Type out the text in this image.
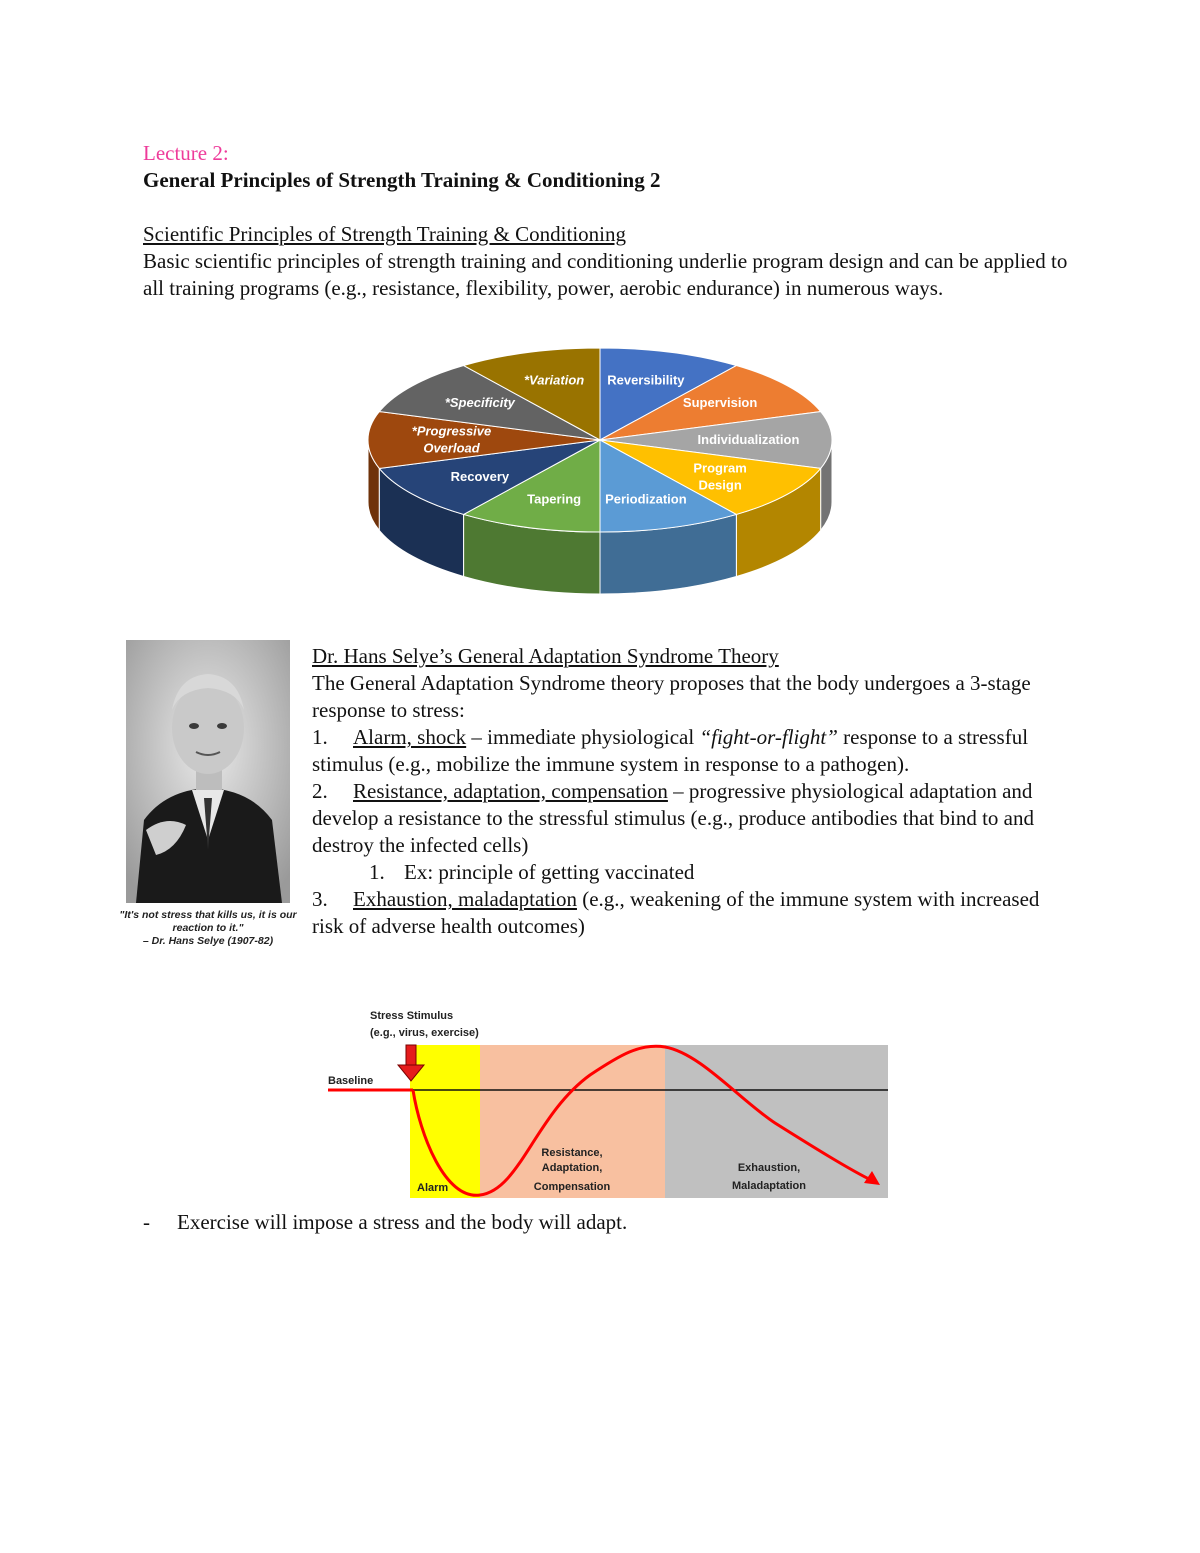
Lecture 2:
General Principles of Strength Training & Conditioning 2
Scientific Principles of Strength Training & Conditioning

Basic scientific principles of strength training and conditioning underlie program design and can be applied to all training programs (e.g., resistance, flexibility, power, aerobic endurance) in numerous ways.

Reversibility
Supervision
Individualization
Program Design
Periodization
Tapering
Recovery
*Progressive Overload
*Specificity
*Variation
"It's not stress that kills us, it is our
reaction to it."
– Dr. Hans Selye (1907-82)

Dr. Hans Selye’s General Adaptation Syndrome Theory

The General Adaptation Syndrome theory proposes that the body undergoes a 3-stage response to stress:

1. Alarm, shock – immediate physiological “fight-or-flight” response to a stressful stimulus (e.g., mobilize the immune system in response to a pathogen).

2. Resistance, adaptation, compensation – progressive physiological adaptation and develop a resistance to the stressful stimulus (e.g., produce antibodies that bind to and destroy the infected cells)

1. Ex: principle of getting vaccinated

3. Exhaustion, maladaptation (e.g., weakening of the immune system with increased risk of adverse health outcomes)

Stress Stimulus
(e.g., virus, exercise)
Baseline
Alarm
Resistance,
Adaptation,
Compensation
Exhaustion,
Maladaptation
- Exercise will impose a stress and the body will adapt.
